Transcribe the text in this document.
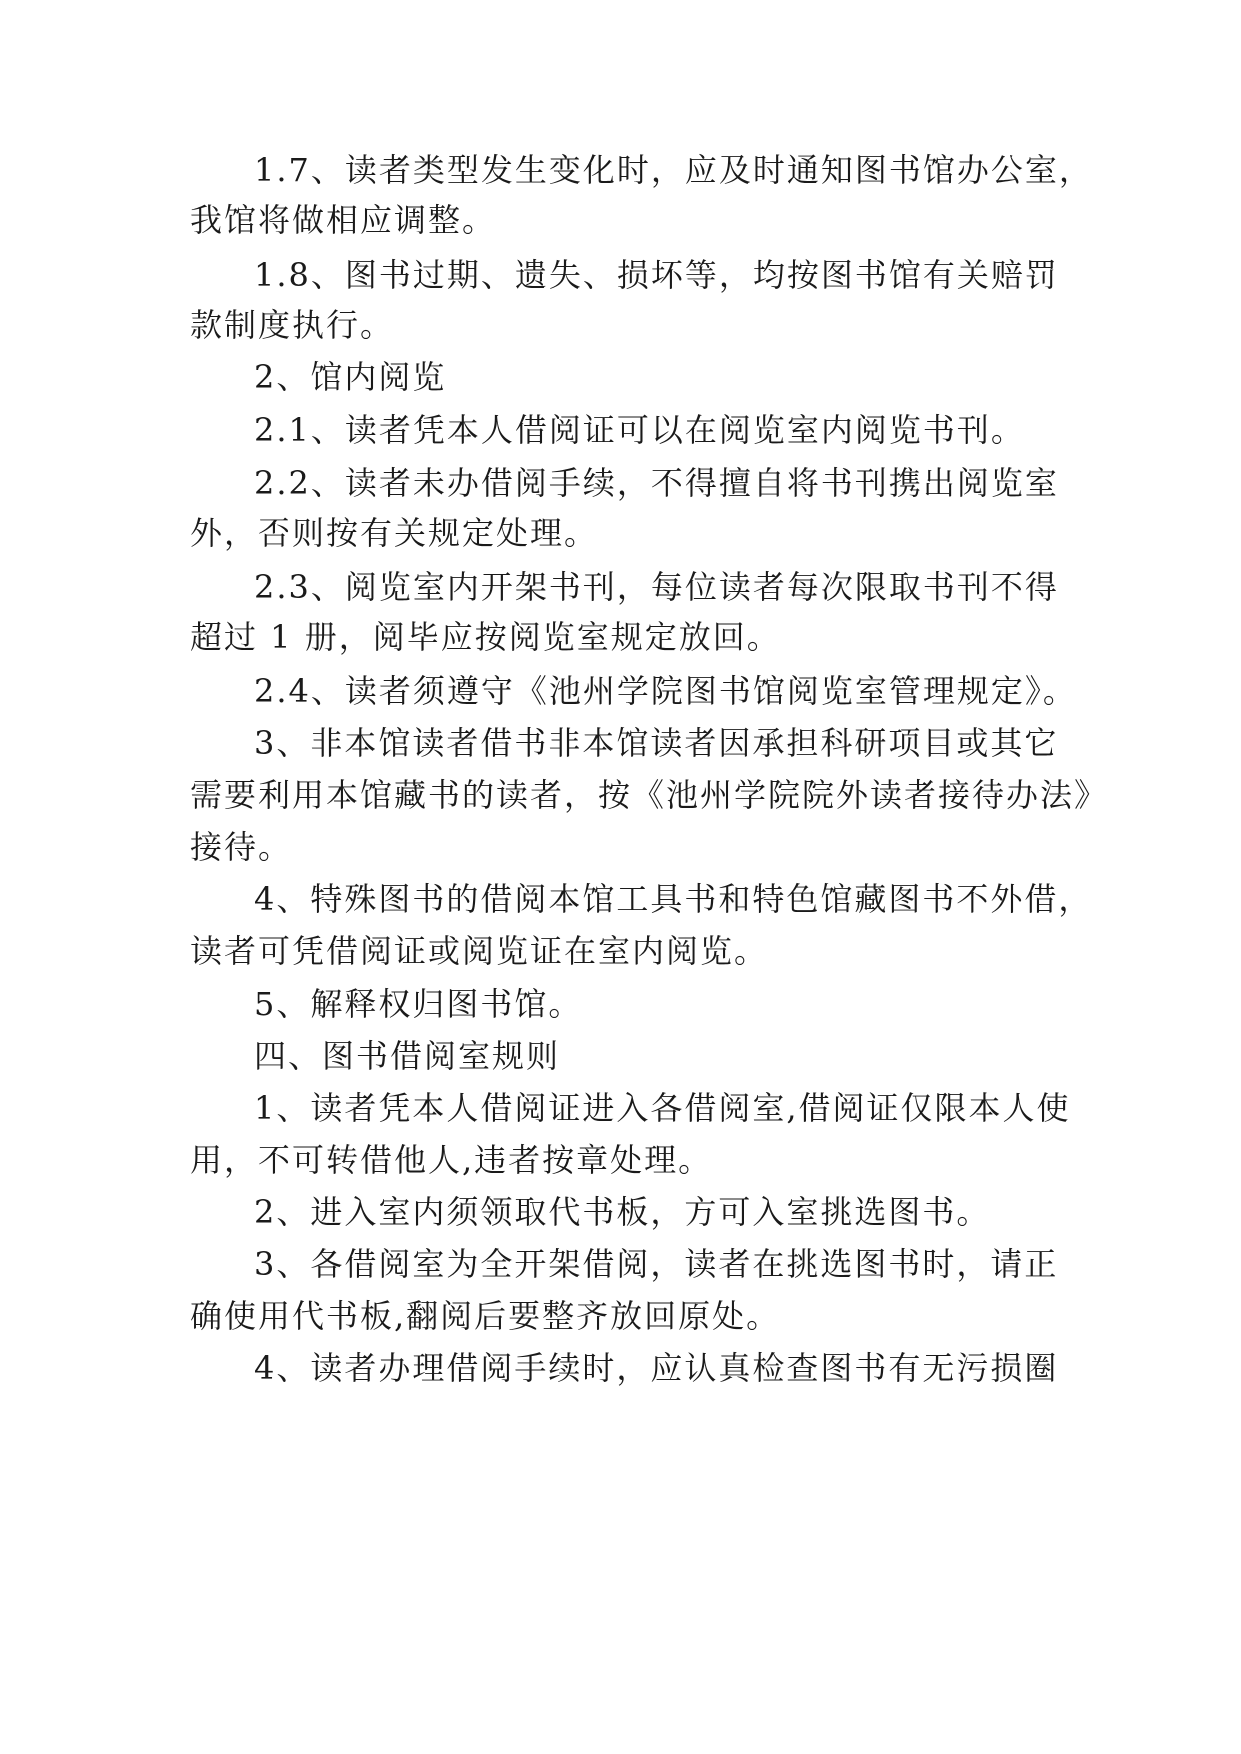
1.7、读者类型发生变化时，应及时通知图书馆办公室，
我馆将做相应调整。
1.8、图书过期、遗失、损坏等，均按图书馆有关赔罚
款制度执行。
2、馆内阅览
2.1、读者凭本人借阅证可以在阅览室内阅览书刊。
2.2、读者未办借阅手续，不得擅自将书刊携出阅览室
外，否则按有关规定处理。
2.3、阅览室内开架书刊，每位读者每次限取书刊不得
超过 1 册，阅毕应按阅览室规定放回。
2.4、读者须遵守《池州学院图书馆阅览室管理规定》。
3、非本馆读者借书非本馆读者因承担科研项目或其它
需要利用本馆藏书的读者，按《池州学院院外读者接待办法》
接待。
4、特殊图书的借阅本馆工具书和特色馆藏图书不外借，
读者可凭借阅证或阅览证在室内阅览。
5、解释权归图书馆。
四、图书借阅室规则
1、读者凭本人借阅证进入各借阅室,借阅证仅限本人使
用，不可转借他人,违者按章处理。
2、进入室内须领取代书板，方可入室挑选图书。
3、各借阅室为全开架借阅，读者在挑选图书时，请正
确使用代书板,翻阅后要整齐放回原处。
4、读者办理借阅手续时，应认真检查图书有无污损圈
